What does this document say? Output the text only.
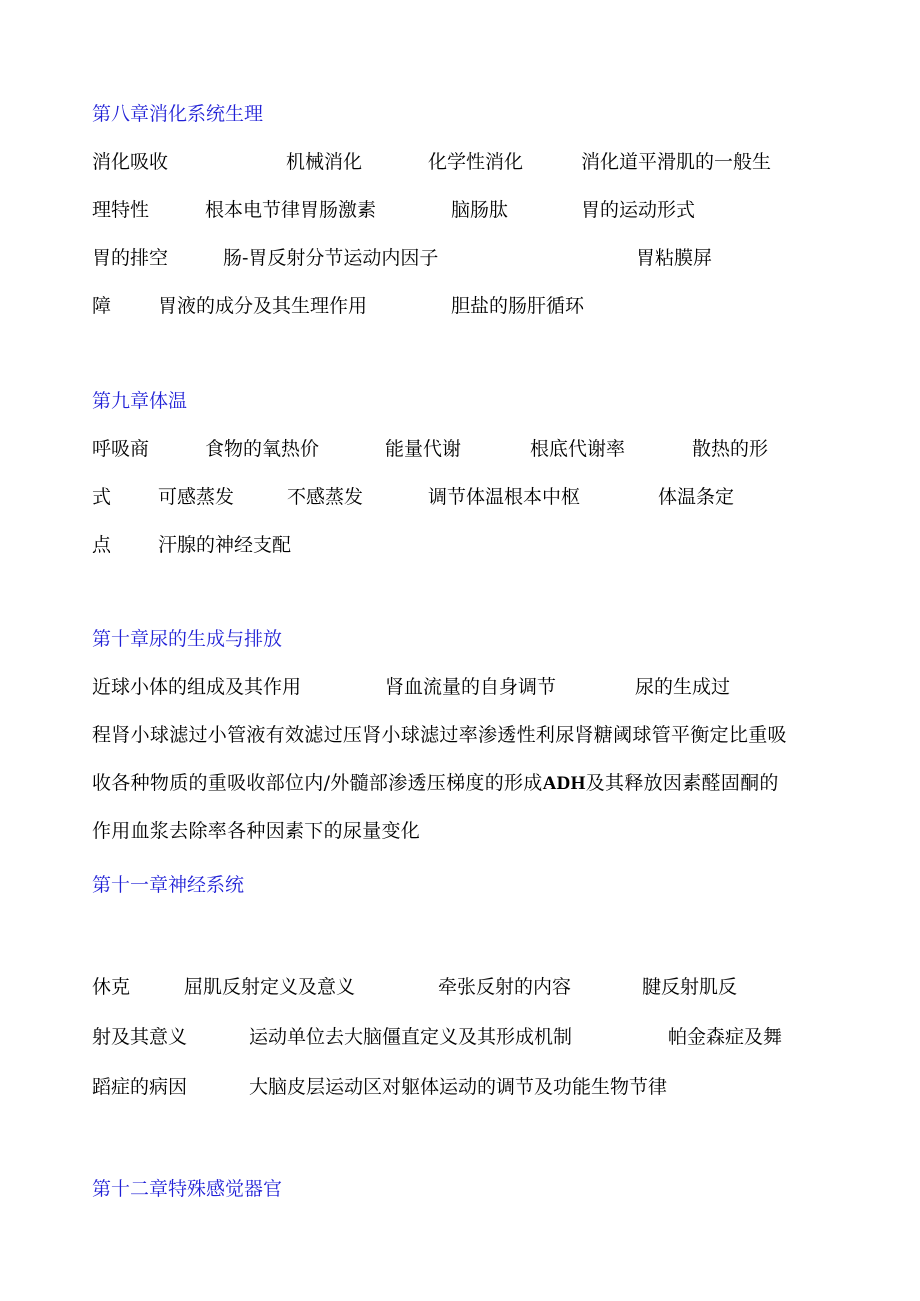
第八章消化系统生理
消化吸收	机械消化	化学性消化	消化道平滑肌的一般生
理特性	根本电节律胃肠激素	脑肠肽	胃的运动形式
胃的排空	肠-胃反射分节运动内因子	胃粘膜屏
障 胃液的成分及其生理作用	胆盐的肠肝循环
第九章体温
呼吸商	食物的氧热价	能量代谢	根底代谢率	散热的形
式 可感蒸发	不感蒸发	调节体温根本中枢	体温条定
点 汗腺的神经支配
第十章尿的生成与排放
近球小体的组成及其作用	肾血流量的自身调节	尿的生成过
程肾小球滤过小管液有效滤过压肾小球滤过率渗透性利尿肾糖阈球管平衡定比重吸
收各种物质的重吸收部位内/外髓部渗透压梯度的形成ADH及其释放因素醛固酮的
作用血浆去除率各种因素下的尿量变化
第十一章神经系统
休克	屈肌反射定义及意义	牵张反射的内容	腱反射肌反
射及其意义	运动单位去大脑僵直定义及其形成机制	帕金森症及舞
蹈症的病因	大脑皮层运动区对躯体运动的调节及功能生物节律
第十二章特殊感觉器官
